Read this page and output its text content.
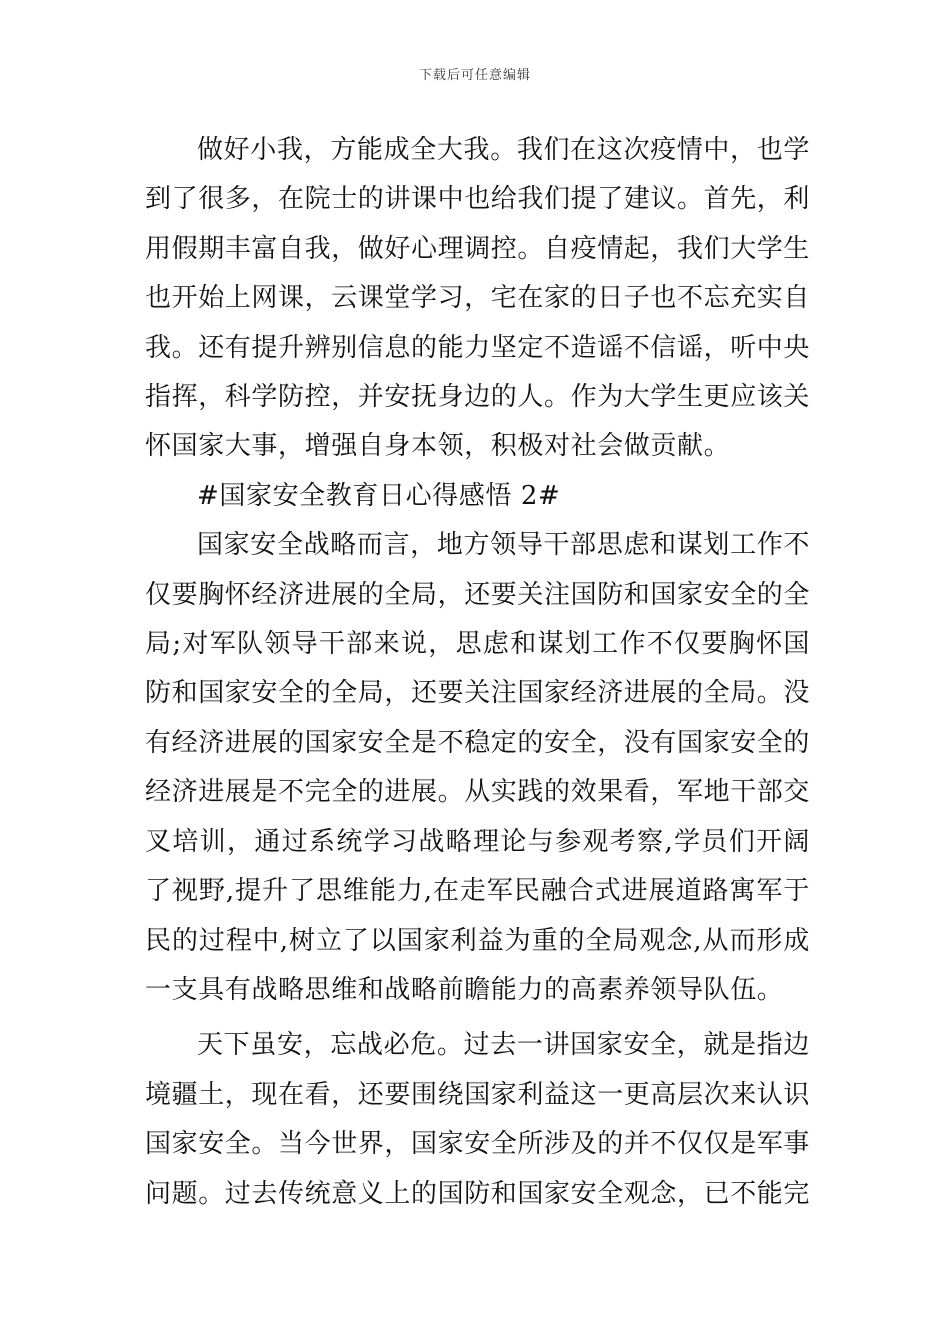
下载后可任意编辑

做好小我，方能成全大我。我们在这次疫情中，也学到了很多，在院士的讲课中也给我们提了建议。首先，利用假期丰富自我，做好心理调控。自疫情起，我们大学生也开始上网课，云课堂学习，宅在家的日子也不忘充实自我。还有提升辨别信息的能力坚定不造谣不信谣，听中央指挥，科学防控，并安抚身边的人。作为大学生更应该关怀国家大事，增强自身本领，积极对社会做贡献。

#国家安全教育日心得感悟 2#

国家安全战略而言，地方领导干部思虑和谋划工作不仅要胸怀经济进展的全局，还要关注国防和国家安全的全局;对军队领导干部来说，思虑和谋划工作不仅要胸怀国防和国家安全的全局，还要关注国家经济进展的全局。没有经济进展的国家安全是不稳定的安全，没有国家安全的经济进展是不完全的进展。从实践的效果看，军地干部交叉培训，通过系统学习战略理论与参观考察,学员们开阔了视野,提升了思维能力,在走军民融合式进展道路寓军于民的过程中,树立了以国家利益为重的全局观念,从而形成一支具有战略思维和战略前瞻能力的高素养领导队伍。

天下虽安，忘战必危。过去一讲国家安全，就是指边境疆土，现在看，还要围绕国家利益这一更高层次来认识国家安全。当今世界，国家安全所涉及的并不仅仅是军事问题。过去传统意义上的国防和国家安全观念，已不能完
